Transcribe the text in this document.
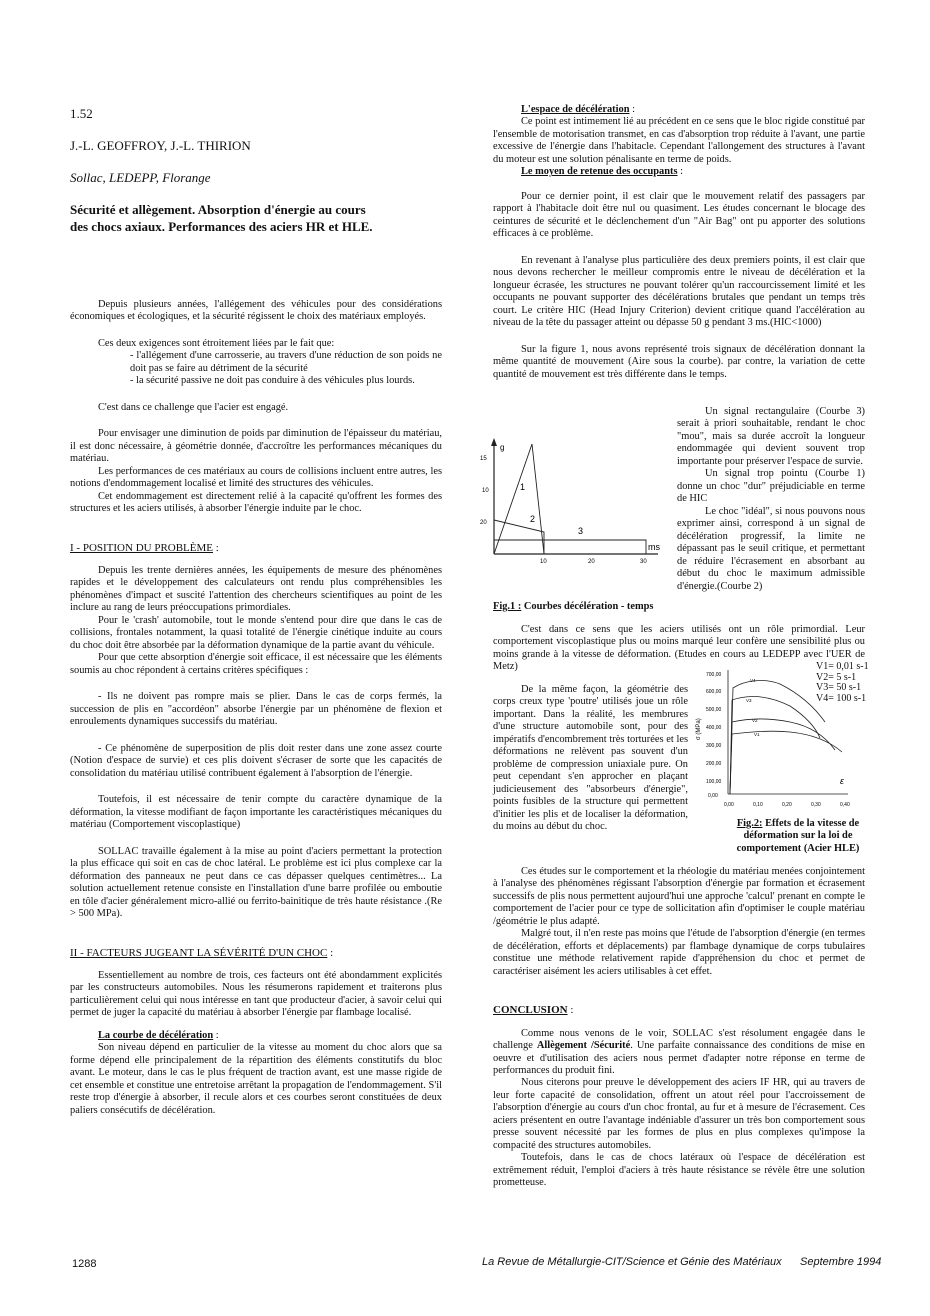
1.52
J.-L. GEOFFROY, J.-L. THIRION
Sollac, LEDEPP, Florange
Sécurité et allègement. Absorption d'énergie au cours
des chocs axiaux. Performances des aciers HR et HLE.

Depuis plusieurs années, l'allégement des véhicules pour des considérations économiques et écologiques, et la sécurité régissent le choix des matériaux employés.

Ces deux exigences sont étroitement liées par le fait que:

- l'allégement d'une carrosserie, au travers d'une réduction de son poids ne doit pas se faire au détriment de la sécurité

- la sécurité passive ne doit pas conduire à des véhicules plus lourds.

C'est dans ce challenge que l'acier est engagé.

Pour envisager une diminution de poids par diminution de l'épaisseur du matériau, il est donc nécessaire, à géométrie donnée, d'accroître les performances mécaniques du matériau.

Les performances de ces matériaux au cours de collisions incluent entre autres, les notions d'endommagement localisé et limité des structures des véhicules.

Cet endommagement est directement relié à la capacité qu'offrent les formes des structures et les aciers utilisés, à absorber l'énergie induite par le choc.

I - POSITION DU PROBLÈME :

Depuis les trente dernières années, les équipements de mesure des phénomènes rapides et le développement des calculateurs ont rendu plus compréhensibles les phénomènes d'impact et suscité l'attention des chercheurs scientifiques au point de les inclure au rang de leurs préoccupations primordiales.

Pour le 'crash' automobile, tout le monde s'entend pour dire que dans le cas de collisions, frontales notamment, la quasi totalité de l'énergie cinétique induite au cours du choc doit être absorbée par la déformation dynamique de la partie avant du véhicule.

Pour que cette absorption d'énergie soit efficace, il est nécessaire que les éléments soumis au choc répondent à certains critères spécifiques :

- Ils ne doivent pas rompre mais se plier. Dans le cas de corps fermés, la succession de plis en "accordéon" absorbe l'énergie par un phénomène de flexion et enroulements dynamiques successifs du matériau.

- Ce phénomène de superposition de plis doit rester dans une zone assez courte (Notion d'espace de survie) et ces plis doivent s'écraser de sorte que les capacités de consolidation du matériau utilisé contribuent également à l'absorption de l'énergie.

Toutefois, il est nécessaire de tenir compte du caractère dynamique de la déformation, la vitesse modifiant de façon importante les caractéristiques mécaniques du matériau (Comportement viscoplastique)

SOLLAC travaille également à la mise au point d'aciers permettant la protection la plus efficace qui soit en cas de choc latéral. Le problème est ici plus complexe car la déformation des panneaux ne peut dans ce cas dépasser quelques centimètres... La solution actuellement retenue consiste en l'installation d'une barre profilée ou emboutie en tôle d'acier généralement micro-allié ou ferrito-bainitique de très haute résistance .(Re > 500 MPa).

II - FACTEURS JUGEANT LA SÉVÉRITÉ D'UN CHOC :

Essentiellement au nombre de trois, ces facteurs ont été abondamment explicités par les constructeurs automobiles. Nous les résumerons rapidement et traiterons plus particulièrement celui qui nous intéresse en tant que producteur d'acier, à savoir celui qui permet de juger la capacité du matériau à absorber l'énergie par flambage localisé.

La courbe de décélération :

Son niveau dépend en particulier de la vitesse au moment du choc alors que sa forme dépend elle principalement de la répartition des éléments constitutifs du bloc avant. Le moteur, dans le cas le plus fréquent de traction avant, est une masse rigide de cet ensemble et constitue une entretoise arrêtant la propagation de l'endommagement. S'il reste trop d'énergie à absorber, il recule alors et ces courbes seront constituées de deux paliers consécutifs de décélération.

L'espace de décélération :

Ce point est intimement lié au précédent en ce sens que le bloc rigide constitué par l'ensemble de motorisation transmet, en cas d'absorption trop réduite à l'avant, une partie excessive de l'énergie dans l'habitacle. Cependant l'allongement des structures à l'avant du moteur est une solution pénalisante en terme de poids.

Le moyen de retenue des occupants :

Pour ce dernier point, il est clair que le mouvement relatif des passagers par rapport à l'habitacle doit être nul ou quasiment. Les études concernant le blocage des ceintures de sécurité et le déclenchement d'un "Air Bag" ont pu apporter des solutions efficaces à ce problème.

En revenant à l'analyse plus particulière des deux premiers points, il est clair que nous devons rechercher le meilleur compromis entre le niveau de décélération et la longueur écrasée, les structures ne pouvant tolérer qu'un raccourcissement limité et les occupants ne pouvant supporter des décélérations brutales que pendant un temps très court. Le critère HIC (Head Injury Criterion) devient critique quand l'accélération au niveau de la tête du passager atteint ou dépasse 50 g pendant 3 ms.(HIC<1000)

Sur la figure 1, nous avons représenté trois signaux de décélération donnant la même quantité de mouvement (Aire sous la courbe). par contre, la variation de cette quantité de mouvement est très différente dans le temps.

g
ms
15
10
20
10	20	30
1
2
3

Un signal rectangulaire (Courbe 3) serait à priori souhaitable, rendant le choc "mou", mais sa durée accroît la longueur endommagée qui devient souvent trop importante pour préserver l'espace de survie.

Un signal trop pointu (Courbe 1) donne un choc "dur" préjudiciable en terme de HIC

Le choc "idéal", si nous pouvons nous exprimer ainsi, correspond à un signal de décélération progressif, la limite ne dépassant pas le seuil critique, et permettant de réduire l'écrasement en absorbant au début du choc le maximum admissible d'énergie.(Courbe 2)

Fig.1 : Courbes décélération - temps

C'est dans ce sens que les aciers utilisés ont un rôle primordial. Leur comportement viscoplastique plus ou moins marqué leur confère une sensibilité plus ou moins grande à la vitesse de déformation. (Etudes en cours au LEDEPP avec l'UER de Metz)

De la même façon, la géométrie des corps creux type 'poutre' utilisés joue un rôle important. Dans la réalité, les membrures d'une structure automobile sont, pour des impératifs d'encombrement très torturées et les déformations ne relèvent pas souvent d'un problème de compression uniaxiale pure. On peut cependant s'en approcher en plaçant judicieusement des "absorbeurs d'énergie", points fusibles de la structure qui permettent d'initier les plis et de localiser la déformation, du moins au début du choc.

700,00
600,00
500,00
400,00
300,00
200,00
100,00
0,00
0,00	0,10	0,20	0,30	0,40
σ (MPa)
ε
V4
V3
V2
V1
V1= 0,01 s-1
V2= 5 s-1
V3= 50 s-1
V4= 100 s-1
Fig.2: Effets de la vitesse de
déformation sur la loi de
comportement (Acier HLE)

Ces études sur le comportement et la rhéologie du matériau menées conjointement à l'analyse des phénomènes régissant l'absorption d'énergie par formation et écrasement successifs de plis nous permettent aujourd'hui une approche 'calcul' prenant en compte le comportement de l'acier pour ce type de sollicitation afin d'optimiser le couple matériau /géométrie le plus adapté.

Malgré tout, il n'en reste pas moins que l'étude de l'absorption d'énergie (en termes de décélération, efforts et déplacements) par flambage dynamique de corps tubulaires constitue une méthode relativement rapide d'appréhension du choc et permet de caractériser aisément les aciers utilisables à cet effet.

CONCLUSION :

Comme nous venons de le voir, SOLLAC s'est résolument engagée dans le challenge Allègement /Sécurité. Une parfaite connaissance des conditions de mise en oeuvre et d'utilisation des aciers nous permet d'adapter notre réponse en terme de performances du produit fini.

Nous citerons pour preuve le développement des aciers IF HR, qui au travers de leur forte capacité de consolidation, offrent un atout réel pour l'accroissement de l'absorption d'énergie au cours d'un choc frontal, au fur et à mesure de l'écrasement. Ces aciers présentent en outre l'avantage indéniable d'assurer un très bon comportement sous presse souvent nécessité par les formes de plus en plus complexes qu'impose la compacité des structures automobiles.

Toutefois, dans le cas de chocs latéraux où l'espace de décélération est extrêmement réduit, l'emploi d'aciers à très haute résistance se révèle être une solution prometteuse.

1288	La Revue de Métallurgie-CIT/Science et Génie des Matériaux Septembre 1994
